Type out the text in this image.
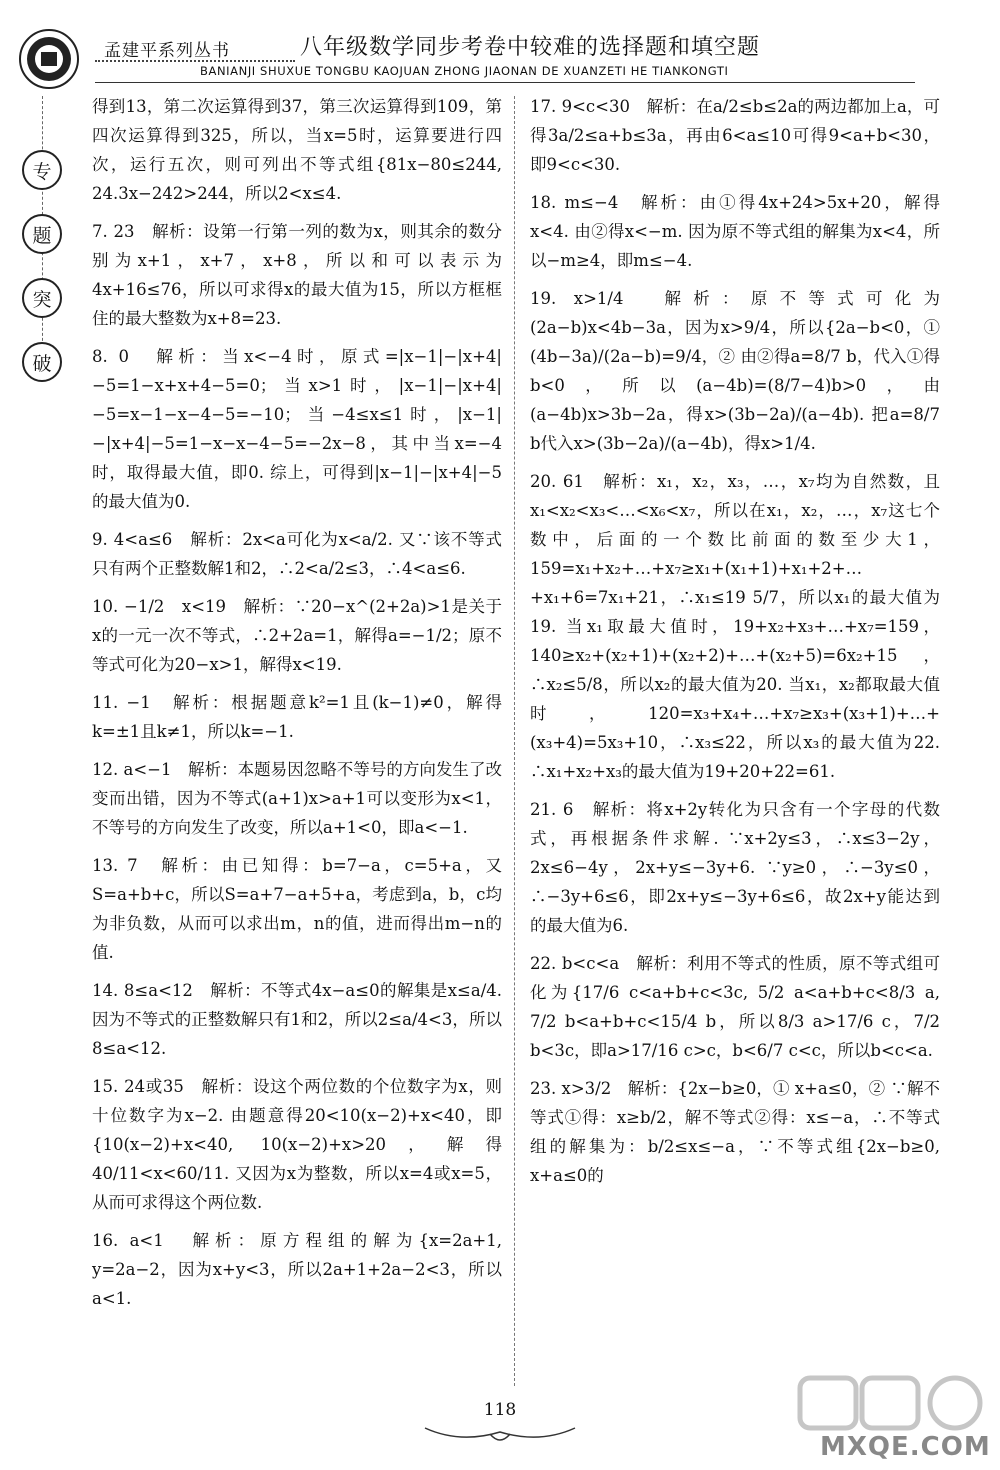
孟建平系列丛书	八年级数学同步考卷中较难的选择题和填空题
BANIANJI SHUXUE TONGBU KAOJUAN ZHONG JIAONAN DE XUANZETI HE TIANKONGTI
专
题
突
破

得到13，第二次运算得到37，第三次运算得到109，第四次运算得到325，所以，当x=5时，运算要进行四次，运行五次，则可列出不等式组{81x−80≤244, 24.3x−242>244，所以2<x≤4.

7. 23　解析：设第一行第一列的数为x，则其余的数分别为x+1，x+7，x+8，所以和可以表示为4x+16≤76，所以可求得x的最大值为15，所以方框框住的最大整数为x+8=23.

8. 0　解析：当x<−4时，原式=|x−1|−|x+4|−5=1−x+x+4−5=0；当x>1时，|x−1|−|x+4|−5=x−1−x−4−5=−10；当−4≤x≤1时，|x−1|−|x+4|−5=1−x−x−4−5=−2x−8，其中当x=−4时，取得最大值，即0. 综上，可得到|x−1|−|x+4|−5的最大值为0.

9. 4<a≤6　解析：2x<a可化为x<a/2. 又∵该不等式只有两个正整数解1和2，∴2<a/2≤3，∴4<a≤6.

10. −1/2　x<19　解析：∵20−x^(2+2a)>1是关于x的一元一次不等式，∴2+2a=1，解得a=−1/2；原不等式可化为20−x>1，解得x<19.

11. −1　解析：根据题意k²=1且(k−1)≠0，解得k=±1且k≠1，所以k=−1.

12. a<−1　解析：本题易因忽略不等号的方向发生了改变而出错，因为不等式(a+1)x>a+1可以变形为x<1，不等号的方向发生了改变，所以a+1<0，即a<−1.

13. 7　解析：由已知得：b=7−a，c=5+a，又S=a+b+c，所以S=a+7−a+5+a，考虑到a，b，c均为非负数，从而可以求出m，n的值，进而得出m−n的值.

14. 8≤a<12　解析：不等式4x−a≤0的解集是x≤a/4. 因为不等式的正整数解只有1和2，所以2≤a/4<3，所以8≤a<12.

15. 24或35　解析：设这个两位数的个位数字为x，则十位数字为x−2. 由题意得20<10(x−2)+x<40，即{10(x−2)+x<40, 10(x−2)+x>20，解得40/11<x<60/11. 又因为x为整数，所以x=4或x=5，从而可求得这个两位数.

16. a<1　解析：原方程组的解为{x=2a+1, y=2a−2，因为x+y<3，所以2a+1+2a−2<3，所以a<1.

17. 9<c<30　解析：在a/2≤b≤2a的两边都加上a，可得3a/2≤a+b≤3a，再由6<a≤10可得9<a+b<30，即9<c<30.

18. m≤−4　解析：由①得4x+24>5x+20，解得x<4. 由②得x<−m. 因为原不等式组的解集为x<4，所以−m≥4，即m≤−4.

19. x>1/4　解析：原不等式可化为(2a−b)x<4b−3a，因为x>9/4，所以{2a−b<0，① (4b−3a)/(2a−b)=9/4，② 由②得a=8/7 b，代入①得b<0，所以(a−4b)=(8/7−4)b>0，由(a−4b)x>3b−2a，得x>(3b−2a)/(a−4b). 把a=8/7 b代入x>(3b−2a)/(a−4b)，得x>1/4.

20. 61　解析：x₁，x₂，x₃，…，x₇均为自然数，且x₁<x₂<x₃<…<x₆<x₇，所以在x₁，x₂，…，x₇这七个数中，后面的一个数比前面的数至少大1，159=x₁+x₂+…+x₇≥x₁+(x₁+1)+x₁+2+…+x₁+6=7x₁+21，∴x₁≤19 5/7，所以x₁的最大值为19. 当x₁取最大值时，19+x₂+x₃+…+x₇=159，140≥x₂+(x₂+1)+(x₂+2)+…+(x₂+5)=6x₂+15，∴x₂≤5/8，所以x₂的最大值为20. 当x₁，x₂都取最大值时，120=x₃+x₄+…+x₇≥x₃+(x₃+1)+…+(x₃+4)=5x₃+10，∴x₃≤22，所以x₃的最大值为22. ∴x₁+x₂+x₃的最大值为19+20+22=61.

21. 6　解析：将x+2y转化为只含有一个字母的代数式，再根据条件求解. ∵x+2y≤3，∴x≤3−2y，2x≤6−4y，2x+y≤−3y+6. ∵y≥0，∴−3y≤0，∴−3y+6≤6，即2x+y≤−3y+6≤6，故2x+y能达到的最大值为6.

22. b<c<a　解析：利用不等式的性质，原不等式组可化为{17/6 c<a+b+c<3c, 5/2 a<a+b+c<8/3 a, 7/2 b<a+b+c<15/4 b，所以8/3 a>17/6 c，7/2 b<3c，即a>17/16 c>c，b<6/7 c<c，所以b<c<a.

23. x>3/2　解析：{2x−b≥0，① x+a≤0，② ∵解不等式①得：x≥b/2，解不等式②得：x≤−a，∴不等式组的解集为：b/2≤x≤−a，∵不等式组{2x−b≥0, x+a≤0的

118
MXQE.COM
